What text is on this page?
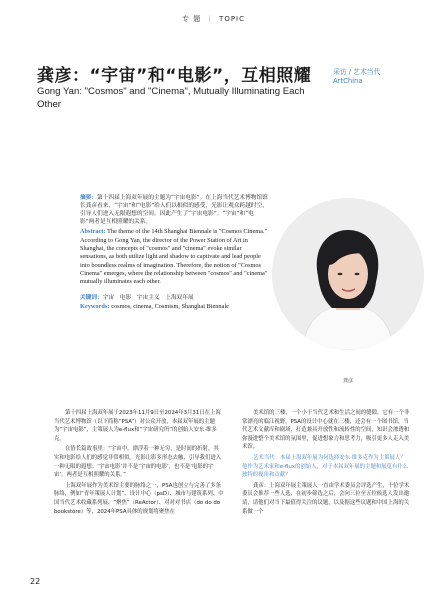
专 题 | TOPIC
龚彦：“宇宙”和“电影”，互相照耀
Gong Yan: "Cosmos" and "Cinema", Mutually Illuminating Each Other
采访 / 艺术当代
ArtChina

摘要：第十四届上海双年展的主题为“宇宙电影”。在上海当代艺术博物馆馆长龚彦看来，“宇宙”和“电影”给人们以相似的感受，光影让观众跨越时空，引导人们进入无限遐想的空间。因此产生了“宇宙电影”。“宇宙”和“电影”两者是互相照耀的关系。

Abstract: The theme of the 14th Shanghai Biennale is "Cosmos Cinema." According to Gong Yan, the director of the Power Station of Art in Shanghai, the concepts of "cosmos" and "cinema" evoke similar sensations, as both utilize light and shadow to captivate and lead people into boundless realms of imagination. Therefore, the notion of "Cosmos Cinema" emerges, where the relationship between "cosmos" and "cinema" mutually illuminates each other.

关键词：宇宙　电影　宇宙主义　上海双年展

Keywords: cosmos, cinema, Cosmism, Shanghai Biennale

龚彦

第十四届上海双年展于2023年11月9日至2024年3月31日在上海当代艺术博物馆（以下简称“PSA”）对公众开放，本届双年展的主题为“宇宙电影”，主策展人为e-flux和“宇宙研究所”的创始人安东·维多克。

在情长篇故事里：“宇宙中，漂浮着一种无穷，是时间的折射，其实和电影给人们的感觉非常相似。光影让影多形态去触，引导我们进入一种无限的遐想。‘宇宙电影’并不是‘宇宙的电影’，也不是‘电影的宇宙’，两者是互相照耀的关系。”

上海双年展作为美术馆主要的脉络之一，PSA也创立与完善了多条脉络，例如“青年策展人计划”、设计中心（psD）、城市与建筑系列、中国当代艺术收藏系列展、“聚焦”（ReActor）、对对对书店（do do do bookstore）等，2024年PSA具体的规划将聚焦在

美术馆的三楼，一个小于当代艺术和生活之间的缝隙。它有一个非常漂亮的临江视野，PSA的设计中心就在三楼，还会有一个图书馆，当代艺术文献库和剧场，打造兼具开放性和流转性的空间，知识会渗透和弥漫进整个美术馆的氛围里，促进想象力和思考力，吸引更多人走入美术馆。

艺术当代：本届上海双年展为何选择安东·维多克作为主策展人？他作为艺术家和e-flux的创始人，对于本届双年展的主题和展览有什么独特的视角和贡献？

龚彦：上海双年展主策展人一直由学术委员会评选产生，十位学术委员会推荐一些人选，在初步筛选之后，会向三位至五位候选人发出邀请，请他们对当下最值得关注的议题，以及据这些议题和中国上海的关系做一个

22
